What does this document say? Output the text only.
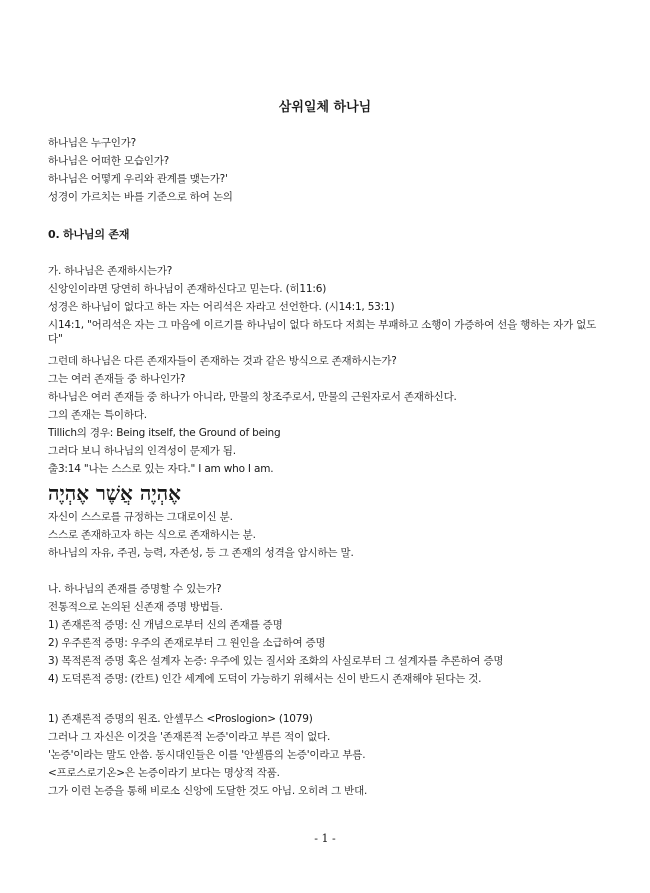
삼위일체 하나님
하나님은 누구인가?
하나님은 어떠한 모습인가?
하나님은 어떻게 우리와 관계를 맺는가?'
성경이 가르치는 바를 기준으로 하여 논의
0. 하나님의 존재
가. 하나님은 존재하시는가?
신앙인이라면 당연히 하나님이 존재하신다고 믿는다. (히11:6)
성경은 하나님이 없다고 하는 자는 어리석은 자라고 선언한다. (시14:1, 53:1)
시14:1, "어리석은 자는 그 마음에 이르기를 하나님이 없다 하도다 저희는 부패하고 소행이 가증하여 선을 행하는 자가 없도다"
그런데 하나님은 다른 존재자들이 존재하는 것과 같은 방식으로 존재하시는가?
그는 여러 존재들 중 하나인가?
하나님은 여러 존재들 중 하나가 아니라, 만물의 창조주로서, 만물의 근원자로서 존재하신다.
그의 존재는 특이하다.
Tillich의 경우: Being itself, the Ground of being
그러다 보니 하나님의 인격성이 문제가 됨.
출3:14 "나는 스스로 있는 자다." I am who I am.
אֶהְיֶה אֲשֶׁר אֶהְיֶה
자신이 스스로를 규정하는 그대로이신 분.
스스로 존재하고자 하는 식으로 존재하시는 분.
하나님의 자유, 주권, 능력, 자존성, 등 그 존재의 성격을 암시하는 말.
나. 하나님의 존재를 증명할 수 있는가?
전통적으로 논의된 신존재 증명 방법들.
1) 존재론적 증명: 신 개념으로부터 신의 존재를 증명
2) 우주론적 증명: 우주의 존재로부터 그 원인을 소급하여 증명
3) 목적론적 증명 혹은 설계자 논증: 우주에 있는 질서와 조화의 사실로부터 그 설계자를 추론하여 증명
4) 도덕론적 증명: (칸트) 인간 세계에 도덕이 가능하기 위해서는 신이 반드시 존재해야 된다는 것.
1) 존재론적 증명의 원조. 안셀무스 <Proslogion> (1079)
그러나 그 자신은 이것을 '존재론적 논증'이라고 부른 적이 없다.
'논증'이라는 말도 안씀. 동시대인들은 이를 '안셀름의 논증'이라고 부름.
<프로스로기온>은 논증이라기 보다는 명상적 작품.
그가 이런 논증을 통해 비로소 신앙에 도달한 것도 아님. 오히려 그 반대.
- 1 -
